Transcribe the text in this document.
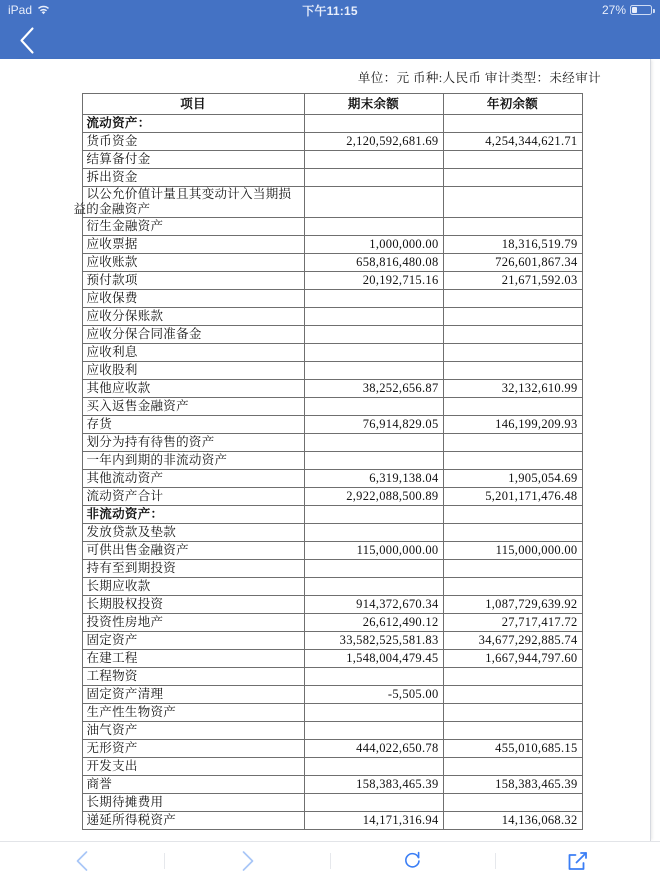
iPad	下午11:15	27%
单位：元 币种:人民币 审计类型：未经审计
项目	期末余额	年初余额
流动资产：		
货币资金	2,120,592,681.69	4,254,344,621.71
结算备付金		
拆出资金		

以公允价值计量且其变动计入当期损
益的金融资产		

衍生金融资产		
应收票据	1,000,000.00	18,316,519.79
应收账款	658,816,480.08	726,601,867.34
预付款项	20,192,715.16	21,671,592.03
应收保费		
应收分保账款		
应收分保合同准备金		
应收利息		
应收股利		
其他应收款	38,252,656.87	32,132,610.99
买入返售金融资产		
存货	76,914,829.05	146,199,209.93
划分为持有待售的资产		
一年内到期的非流动资产		
其他流动资产	6,319,138.04	1,905,054.69
流动资产合计	2,922,088,500.89	5,201,171,476.48
非流动资产：		
发放贷款及垫款		
可供出售金融资产	115,000,000.00	115,000,000.00
持有至到期投资		
长期应收款		
长期股权投资	914,372,670.34	1,087,729,639.92
投资性房地产	26,612,490.12	27,717,417.72
固定资产	33,582,525,581.83	34,677,292,885.74
在建工程	1,548,004,479.45	1,667,944,797.60
工程物资		
固定资产清理	-5,505.00	
生产性生物资产		
油气资产		
无形资产	444,022,650.78	455,010,685.15
开发支出		
商誉	158,383,465.39	158,383,465.39
长期待摊费用		
递延所得税资产	14,171,316.94	14,136,068.32
